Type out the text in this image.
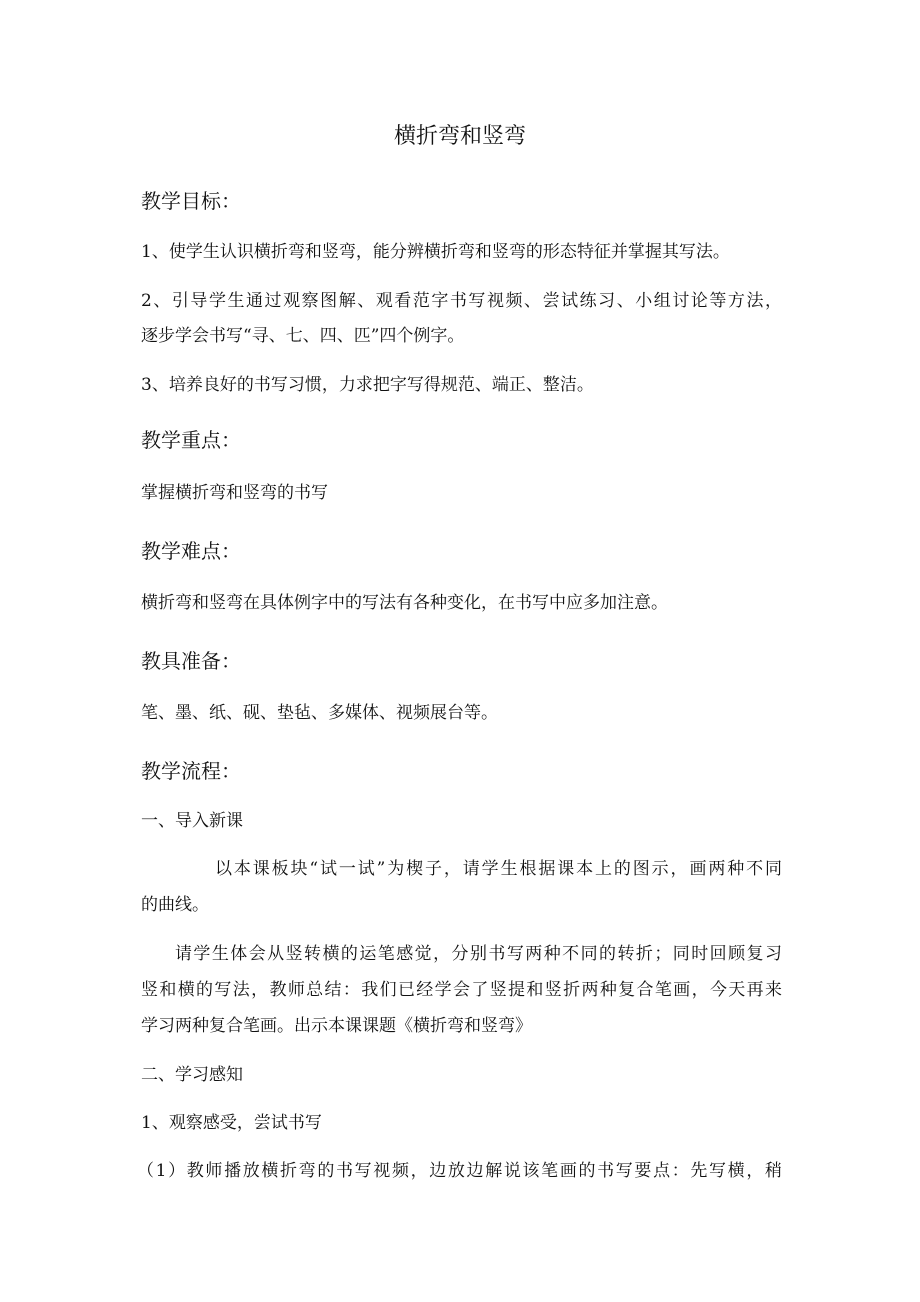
横折弯和竖弯
教学目标：
1、使学生认识横折弯和竖弯，能分辨横折弯和竖弯的形态特征并掌握其写法。
2、引导学生通过观察图解、观看范字书写视频、尝试练习、小组讨论等方法，
逐步学会书写“寻、七、四、匹”四个例字。
3、培养良好的书写习惯，力求把字写得规范、端正、整洁。
教学重点：
掌握横折弯和竖弯的书写
教学难点：
横折弯和竖弯在具体例字中的写法有各种变化，在书写中应多加注意。
教具准备：
笔、墨、纸、砚、垫毡、多媒体、视频展台等。
教学流程：
一、导入新课
以本课板块“试一试”为楔子，请学生根据课本上的图示，画两种不同
的曲线。
请学生体会从竖转横的运笔感觉，分别书写两种不同的转折；同时回顾复习
竖和横的写法，教师总结：我们已经学会了竖提和竖折两种复合笔画，今天再来
学习两种复合笔画。出示本课课题《横折弯和竖弯》
二、学习感知
1、观察感受，尝试书写
（1）教师播放横折弯的书写视频，边放边解说该笔画的书写要点：先写横，稍
